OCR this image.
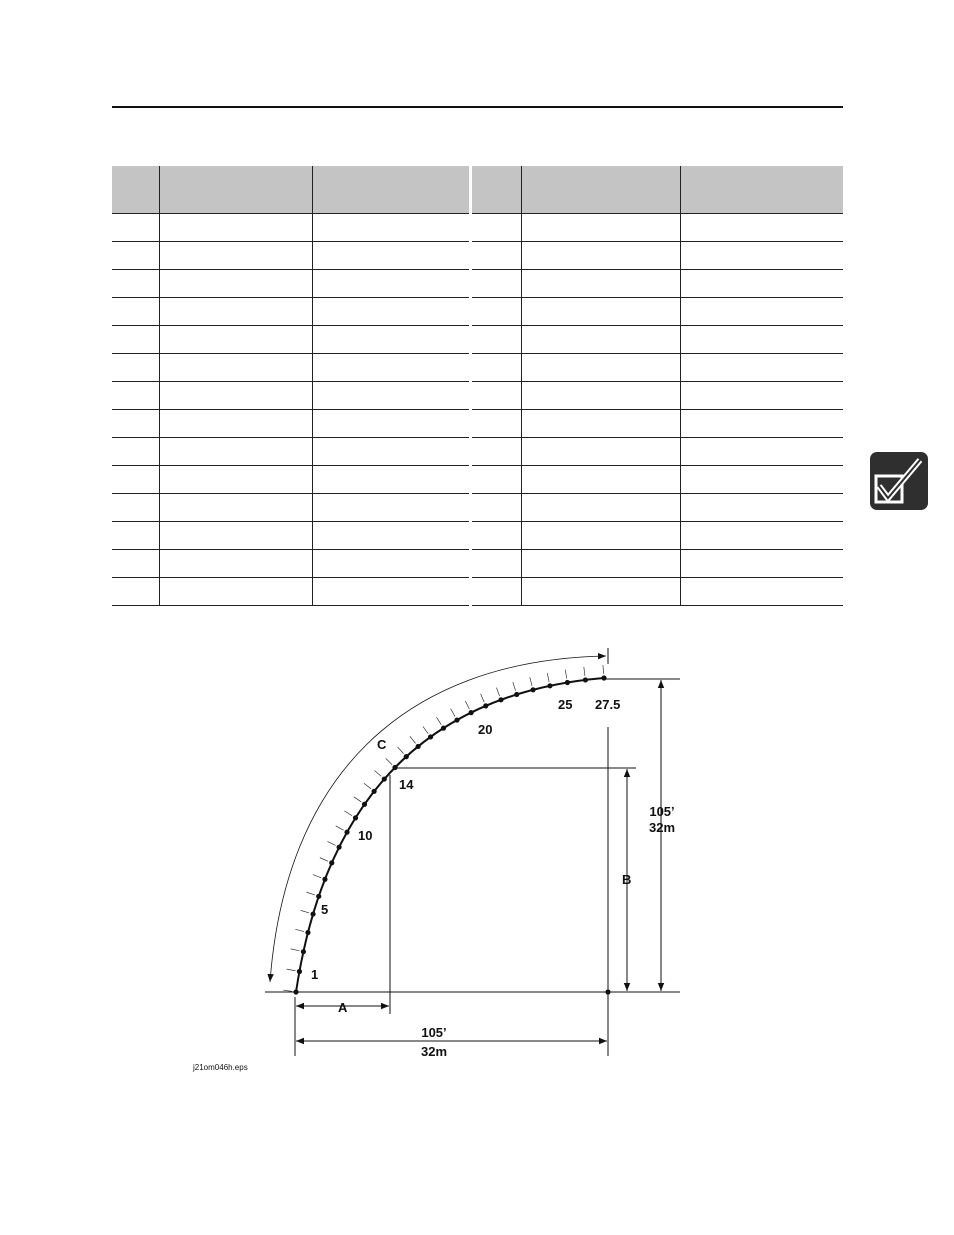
C
A
B
1
5
10
14
20
25 27.5
105’
32m
105’
32m
j21om046h.eps
